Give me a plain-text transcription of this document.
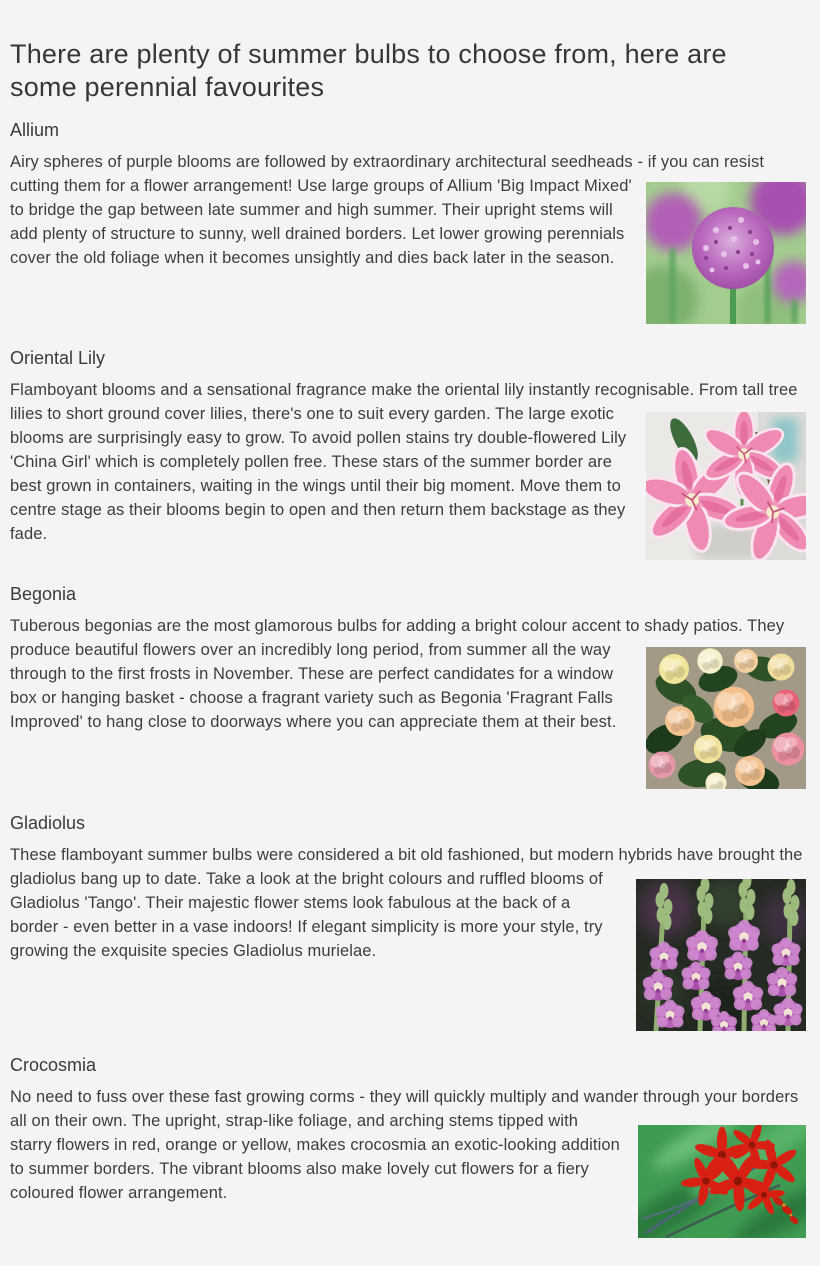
There are plenty of summer bulbs to choose from, here are some perennial favourites
Allium

Airy spheres of purple blooms are followed by extraordinary architectural seedheads - if you can resist cutting them for a flower arrangement! Use large groups of Allium 'Big Impact Mixed' to bridge the gap between late summer and high summer. Their upright stems will add plenty of structure to sunny, well drained borders. Let lower growing perennials cover the old foliage when it becomes unsightly and dies back later in the season.

Oriental Lily

Flamboyant blooms and a sensational fragrance make the oriental lily instantly recognisable. From tall tree lilies to short ground cover lilies, there's one to suit every garden. The large exotic blooms are surprisingly easy to grow. To avoid pollen stains try double-flowered Lily 'China Girl' which is completely pollen free. These stars of the summer border are best grown in containers, waiting in the wings until their big moment. Move them to centre stage as their blooms begin to open and then return them backstage as they fade.

Begonia

Tuberous begonias are the most glamorous bulbs for adding a bright colour accent to shady patios. They produce beautiful flowers over an incredibly long period, from summer all the way through to the first frosts in November. These are perfect candidates for a window box or hanging basket - choose a fragrant variety such as Begonia 'Fragrant Falls Improved' to hang close to doorways where you can appreciate them at their best.

Gladiolus

These flamboyant summer bulbs were considered a bit old fashioned, but modern hybrids have brought the gladiolus bang up to date. Take a look at the bright colours and ruffled blooms of Gladiolus 'Tango'. Their majestic flower stems look fabulous at the back of a border - even better in a vase indoors! If elegant simplicity is more your style, try growing the exquisite species Gladiolus murielae.

Crocosmia

No need to fuss over these fast growing corms - they will quickly multiply and wander through your borders all on their own. The upright, strap-like foliage, and arching stems tipped with starry flowers in red, orange or yellow, makes crocosmia an exotic-looking addition to summer borders. The vibrant blooms also make lovely cut flowers for a fiery coloured flower arrangement.
